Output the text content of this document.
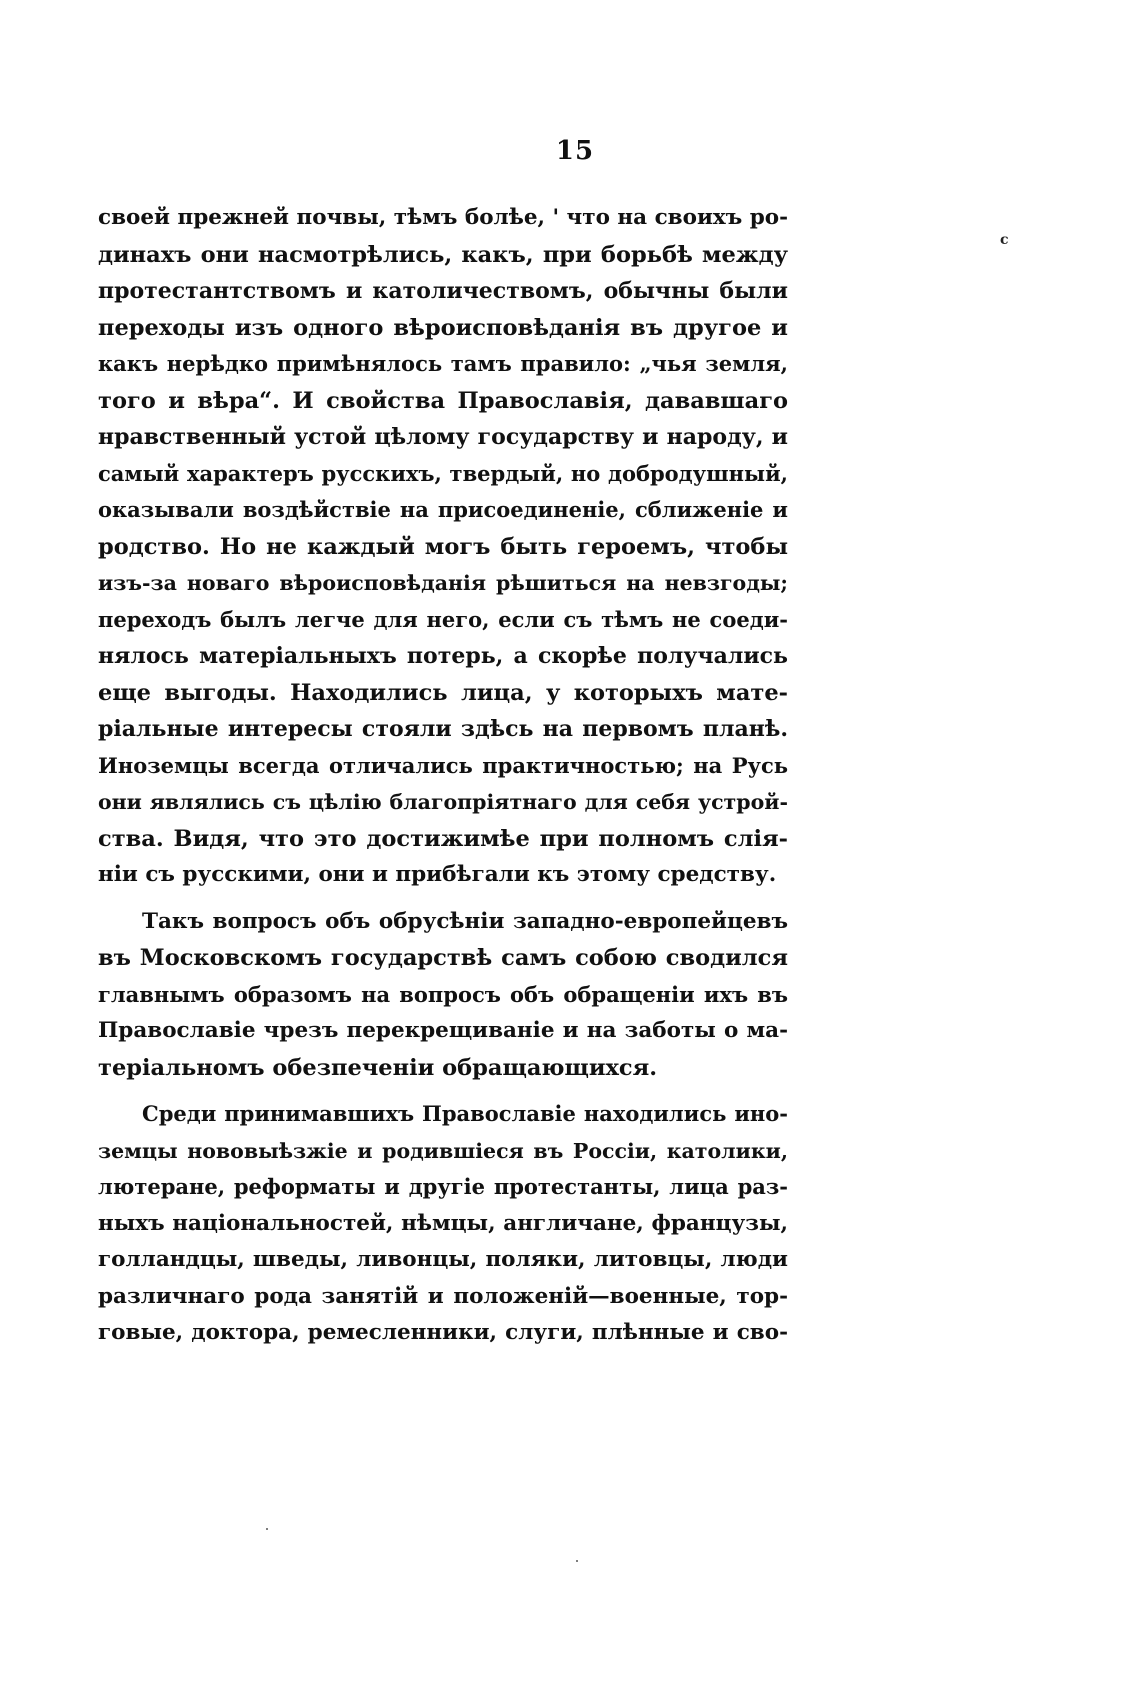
15
с
своей прежней почвы, тѣмъ болѣе, ' что на своихъ ро-
динахъ они насмотрѣлись, какъ, при борьбѣ между
протестантствомъ и католичествомъ, обычны были
переходы изъ одного вѣроисповѣданія въ другое и
какъ нерѣдко примѣнялось тамъ правило: „чья земля,
того и вѣра“. И свойства Православія, дававшаго
нравственный устой цѣлому государству и народу, и
самый характеръ русскихъ, твердый, но добродушный,
оказывали воздѣйствіе на присоединеніе, сближеніе и
родство. Но не каждый могъ быть героемъ, чтобы
изъ-за новаго вѣроисповѣданія рѣшиться на невзгоды;
переходъ былъ легче для него, если съ тѣмъ не соеди-
нялось матеріальныхъ потерь, а скорѣе получались
еще выгоды. Находились лица, у которыхъ мате-
ріальные интересы стояли здѣсь на первомъ планѣ.
Иноземцы всегда отличались практичностью; на Русь
они являлись съ цѣлію благопріятнаго для себя устрой-
ства. Видя, что это достижимѣе при полномъ слія-
ніи съ русскими, они и прибѣгали къ этому средству.
Такъ вопросъ объ обрусѣніи западно-европейцевъ
въ Московскомъ государствѣ самъ собою сводился
главнымъ образомъ на вопросъ объ обращеніи ихъ въ
Православіе чрезъ перекрещиваніе и на заботы о ма-
теріальномъ обезпеченіи обращающихся.
Среди принимавшихъ Православіе находились ино-
земцы нововыѣзжіе и родившіеся въ Россіи, католики,
лютеране, реформаты и другіе протестанты, лица раз-
ныхъ національностей, нѣмцы, англичане, французы,
голландцы, шведы, ливонцы, поляки, литовцы, люди
различнаго рода занятій и положеній—военные, тор-
говые, доктора, ремесленники, слуги, плѣнные и сво-
